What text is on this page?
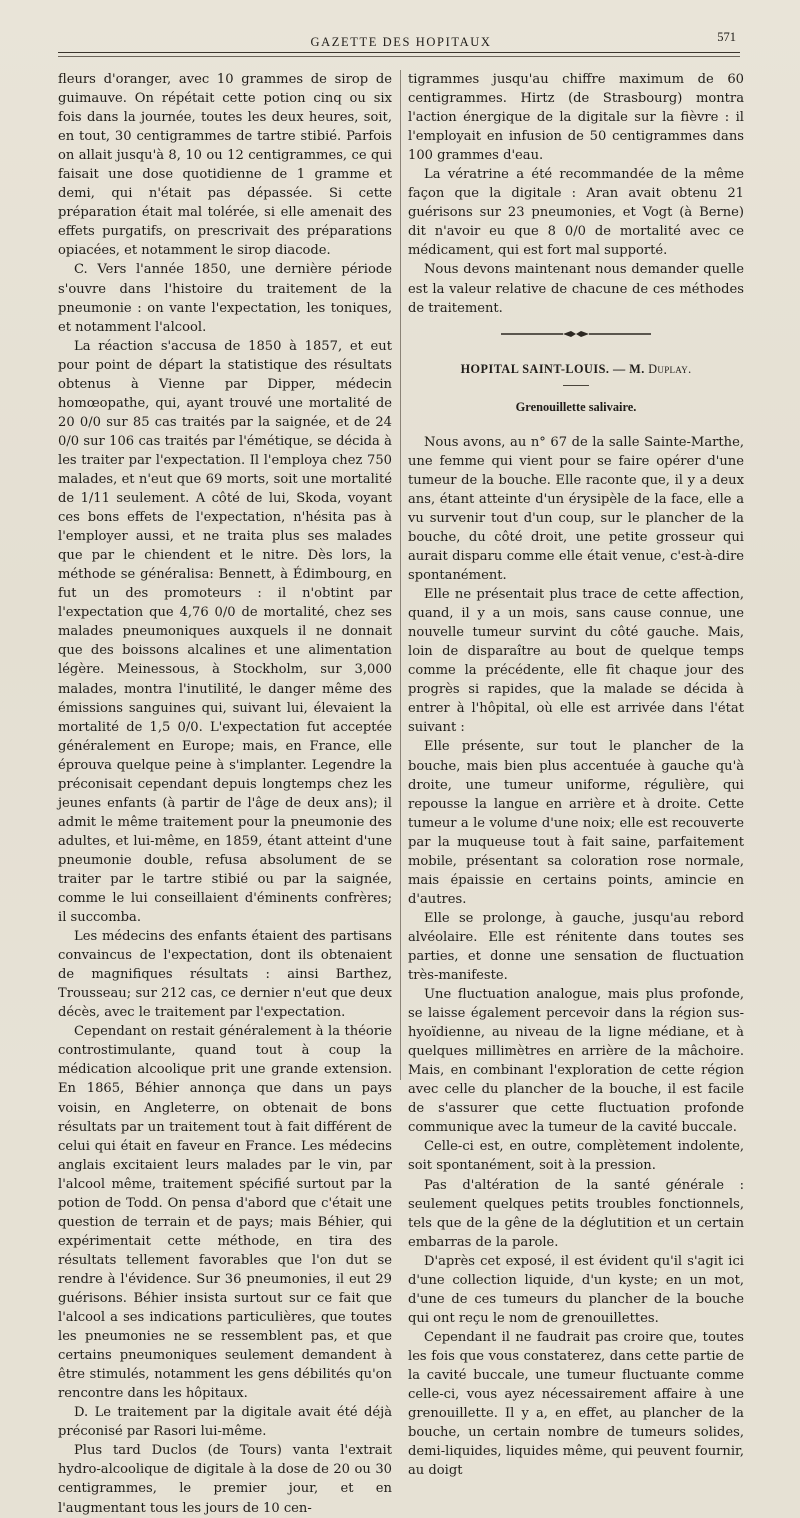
GAZETTE DES HOPITAUX	571

fleurs d'oranger, avec 10 grammes de sirop de guimauve. On répétait cette potion cinq ou six fois dans la journée, toutes les deux heures, soit, en tout, 30 centigrammes de tartre stibié. Parfois on allait jusqu'à 8, 10 ou 12 centigrammes, ce qui faisait une dose quotidienne de 1 gramme et demi, qui n'était pas dépassée. Si cette préparation était mal tolérée, si elle amenait des effets purgatifs, on prescrivait des préparations opiacées, et notamment le sirop diacode.

C. Vers l'année 1850, une dernière période s'ouvre dans l'histoire du traitement de la pneumonie : on vante l'expectation, les toniques, et notamment l'alcool.

La réaction s'accusa de 1850 à 1857, et eut pour point de départ la statistique des résultats obtenus à Vienne par Dipper, médecin homœopathe, qui, ayant trouvé une mortalité de 20 0/0 sur 85 cas traités par la saignée, et de 24 0/0 sur 106 cas traités par l'émétique, se décida à les traiter par l'expectation. Il l'employa chez 750 malades, et n'eut que 69 morts, soit une mortalité de 1/11 seulement. A côté de lui, Skoda, voyant ces bons effets de l'expectation, n'hésita pas à l'employer aussi, et ne traita plus ses malades que par le chiendent et le nitre. Dès lors, la méthode se généralisa: Bennett, à Édimbourg, en fut un des promoteurs : il n'obtint par l'expectation que 4,76 0/0 de mortalité, chez ses malades pneumoniques auxquels il ne donnait que des boissons alcalines et une alimentation légère. Meinessous, à Stockholm, sur 3,000 malades, montra l'inutilité, le danger même des émissions sanguines qui, suivant lui, élevaient la mortalité de 1,5 0/0. L'expectation fut acceptée généralement en Europe; mais, en France, elle éprouva quelque peine à s'implanter. Legendre la préconisait cependant depuis longtemps chez les jeunes enfants (à partir de l'âge de deux ans); il admit le même traitement pour la pneumonie des adultes, et lui-même, en 1859, étant atteint d'une pneumonie double, refusa absolument de se traiter par le tartre stibié ou par la saignée, comme le lui conseillaient d'éminents confrères; il succomba.

Les médecins des enfants étaient des partisans convaincus de l'expectation, dont ils obtenaient de magnifiques résultats : ainsi Barthez, Trousseau; sur 212 cas, ce dernier n'eut que deux décès, avec le traitement par l'expectation.

Cependant on restait généralement à la théorie controstimulante, quand tout à coup la médication alcoolique prit une grande extension. En 1865, Béhier annonça que dans un pays voisin, en Angleterre, on obtenait de bons résultats par un traitement tout à fait différent de celui qui était en faveur en France. Les médecins anglais excitaient leurs malades par le vin, par l'alcool même, traitement spécifié surtout par la potion de Todd. On pensa d'abord que c'était une question de terrain et de pays; mais Béhier, qui expérimentait cette méthode, en tira des résultats tellement favorables que l'on dut se rendre à l'évidence. Sur 36 pneumonies, il eut 29 guérisons. Béhier insista surtout sur ce fait que l'alcool a ses indications particulières, que toutes les pneumonies ne se ressemblent pas, et que certains pneumoniques seulement demandent à être stimulés, notamment les gens débilités qu'on rencontre dans les hôpitaux.

D. Le traitement par la digitale avait été déjà préconisé par Rasori lui-même.

Plus tard Duclos (de Tours) vanta l'extrait hydro-alcoolique de digitale à la dose de 20 ou 30 centigrammes, le premier jour, et en l'augmentant tous les jours de 10 cen-

tigrammes jusqu'au chiffre maximum de 60 centigrammes. Hirtz (de Strasbourg) montra l'action énergique de la digitale sur la fièvre : il l'employait en infusion de 50 centigrammes dans 100 grammes d'eau.

La vératrine a été recommandée de la même façon que la digitale : Aran avait obtenu 21 guérisons sur 23 pneumonies, et Vogt (à Berne) dit n'avoir eu que 8 0/0 de mortalité avec ce médicament, qui est fort mal supporté.

Nous devons maintenant nous demander quelle est la valeur relative de chacune de ces méthodes de traitement.

HOPITAL SAINT-LOUIS. — M. Duplay.
Grenouillette salivaire.

Nous avons, au n° 67 de la salle Sainte-Marthe, une femme qui vient pour se faire opérer d'une tumeur de la bouche. Elle raconte que, il y a deux ans, étant atteinte d'un érysipèle de la face, elle a vu survenir tout d'un coup, sur le plancher de la bouche, du côté droit, une petite grosseur qui aurait disparu comme elle était venue, c'est-à-dire spontanément.

Elle ne présentait plus trace de cette affection, quand, il y a un mois, sans cause connue, une nouvelle tumeur survint du côté gauche. Mais, loin de disparaître au bout de quelque temps comme la précédente, elle fit chaque jour des progrès si rapides, que la malade se décida à entrer à l'hôpital, où elle est arrivée dans l'état suivant :

Elle présente, sur tout le plancher de la bouche, mais bien plus accentuée à gauche qu'à droite, une tumeur uniforme, régulière, qui repousse la langue en arrière et à droite. Cette tumeur a le volume d'une noix; elle est recouverte par la muqueuse tout à fait saine, parfaitement mobile, présentant sa coloration rose normale, mais épaissie en certains points, amincie en d'autres.

Elle se prolonge, à gauche, jusqu'au rebord alvéolaire. Elle est rénitente dans toutes ses parties, et donne une sensation de fluctuation très-manifeste.

Une fluctuation analogue, mais plus profonde, se laisse également percevoir dans la région sus-hyoïdienne, au niveau de la ligne médiane, et à quelques millimètres en arrière de la mâchoire. Mais, en combinant l'exploration de cette région avec celle du plancher de la bouche, il est facile de s'assurer que cette fluctuation profonde communique avec la tumeur de la cavité buccale.

Celle-ci est, en outre, complètement indolente, soit spontanément, soit à la pression.

Pas d'altération de la santé générale : seulement quelques petits troubles fonctionnels, tels que de la gêne de la déglutition et un certain embarras de la parole.

D'après cet exposé, il est évident qu'il s'agit ici d'une collection liquide, d'un kyste; en un mot, d'une de ces tumeurs du plancher de la bouche qui ont reçu le nom de grenouillettes.

Cependant il ne faudrait pas croire que, toutes les fois que vous constaterez, dans cette partie de la cavité buccale, une tumeur fluctuante comme celle-ci, vous ayez nécessairement affaire à une grenouillette. Il y a, en effet, au plancher de la bouche, un certain nombre de tumeurs solides, demi-liquides, liquides même, qui peuvent fournir, au doigt
